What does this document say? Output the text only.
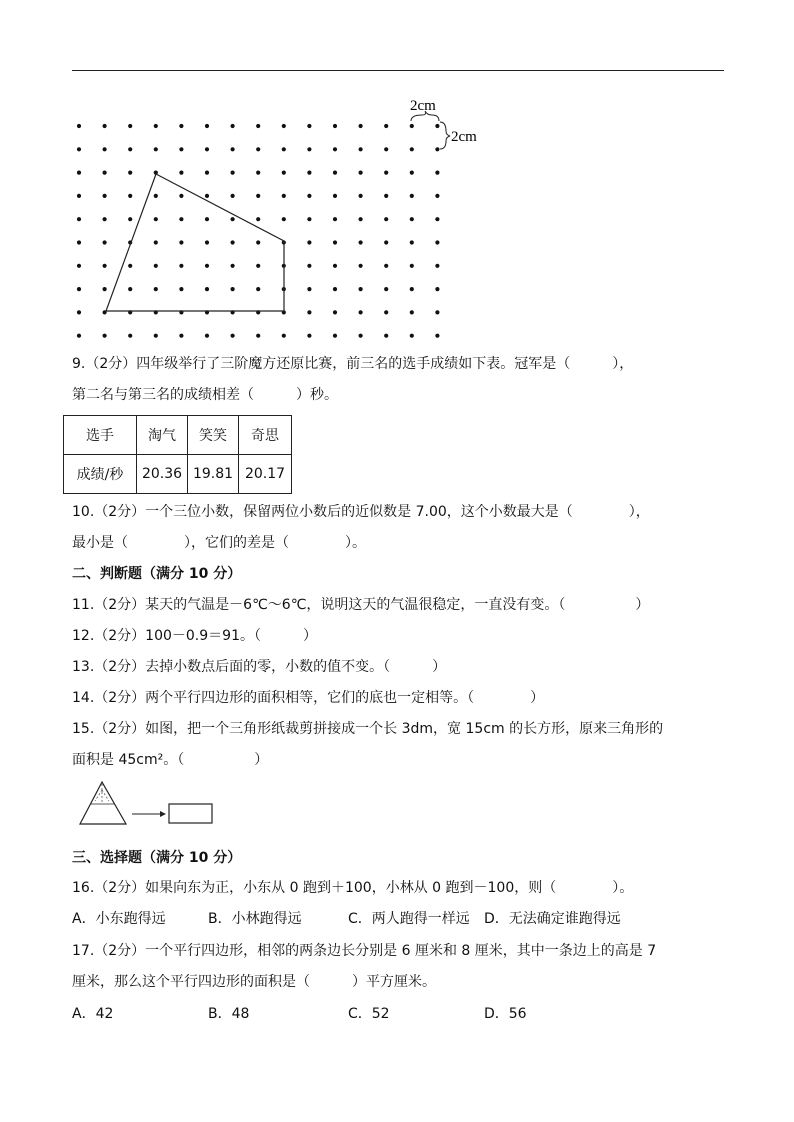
2cm
2cm
9.（2分）四年级举行了三阶魔方还原比赛，前三名的选手成绩如下表。冠军是（　　　），
第二名与第三名的成绩相差（　　　）秒。
选手	淘气	笑笑	奇思
成绩/秒	20.36	19.81	20.17
10.（2分）一个三位小数，保留两位小数后的近似数是 7.00，这个小数最大是（　　　　），
最小是（　　　　），它们的差是（　　　　）。
二、判断题（满分 10 分）
11.（2分）某天的气温是－6℃～6℃，说明这天的气温很稳定，一直没有变。（　　　　　）
12.（2分）100－0.9＝91。（　　　）
13.（2分）去掉小数点后面的零，小数的值不变。（　　　）
14.（2分）两个平行四边形的面积相等，它们的底也一定相等。（　　　　）
15.（2分）如图，把一个三角形纸裁剪拼接成一个长 3dm，宽 15cm 的长方形，原来三角形的
面积是 45cm²。（　　　　　）
三、选择题（满分 10 分）
16.（2分）如果向东为正，小东从 0 跑到＋100，小林从 0 跑到－100，则（　　　　）。
A．小东跑得远	B．小林跑得远	C．两人跑得一样远 D．无法确定谁跑得远
17.（2分）一个平行四边形，相邻的两条边长分别是 6 厘米和 8 厘米，其中一条边上的高是 7
厘米，那么这个平行四边形的面积是（　　　）平方厘米。
A．42	B．48	C．52	D．56
